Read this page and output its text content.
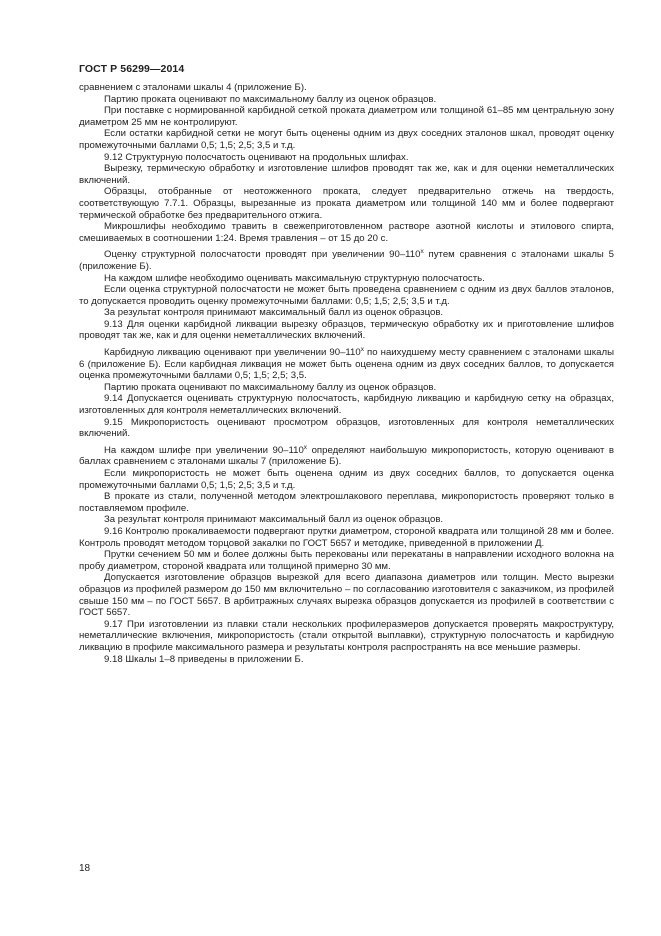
ГОСТ Р 56299—2014

сравнением с эталонами шкалы 4 (приложение Б).

Партию проката оценивают по максимальному баллу из оценок образцов.

При поставке с нормированной карбидной сеткой проката диаметром или толщиной 61–85 мм центральную зону диаметром 25 мм не контролируют.

Если остатки карбидной сетки не могут быть оценены одним из двух соседних эталонов шкал, проводят оценку промежуточными баллами 0,5; 1,5; 2,5; 3,5 и т.д.

9.12 Структурную полосчатость оценивают на продольных шлифах.

Вырезку, термическую обработку и изготовление шлифов проводят так же, как и для оценки неметаллических включений.

Образцы, отобранные от неотожженного проката, следует предварительно отжечь на твердость, соответствующую 7.7.1. Образцы, вырезанные из проката диаметром или толщиной 140 мм и более подвергают термической обработке без предварительного отжига.

Микрошлифы необходимо травить в свежеприготовленном растворе азотной кислоты и этилового спирта, смешиваемых в соотношении 1:24. Время травления – от 15 до 20 с.

Оценку структурной полосчатости проводят при увеличении $90-110^х$ путем сравнения с эталонами шкалы 5 (приложение Б).

На каждом шлифе необходимо оценивать максимальную структурную полосчатость.

Если оценка структурной полосчатости не может быть проведена сравнением с одним из двух баллов эталонов, то допускается проводить оценку промежуточными баллами: 0,5; 1,5; 2,5; 3,5 и т.д.

За результат контроля принимают максимальный балл из оценок образцов.

9.13 Для оценки карбидной ликвации вырезку образцов, термическую обработку их и приготовление шлифов проводят так же, как и для оценки неметаллических включений.

Карбидную ликвацию оценивают при увеличении $90-110^х$ по наихудшему месту сравнением с эталонами шкалы 6 (приложение Б). Если карбидная ликвация не может быть оценена одним из двух соседних баллов, то допускается оценка промежуточными баллами 0,5; 1,5; 2,5; 3,5.

Партию проката оценивают по максимальному баллу из оценок образцов.

9.14 Допускается оценивать структурную полосчатость, карбидную ликвацию и карбидную сетку на образцах, изготовленных для контроля неметаллических включений.

9.15 Микропористость оценивают просмотром образцов, изготовленных для контроля неметаллических включений.

На каждом шлифе при увеличении $90-110^х$ определяют наибольшую микропористость, которую оценивают в баллах сравнением с эталонами шкалы 7 (приложение Б).

Если микропористость не может быть оценена одним из двух соседних баллов, то допускается оценка промежуточными баллами 0,5; 1,5; 2,5; 3,5 и т.д.

В прокате из стали, полученной методом электрошлакового переплава, микропористость проверяют только в поставляемом профиле.

За результат контроля принимают максимальный балл из оценок образцов.

9.16 Контролю прокаливаемости подвергают прутки диаметром, стороной квадрата или толщиной 28 мм и более. Контроль проводят методом торцовой закалки по ГОСТ 5657 и методике, приведенной в приложении Д.

Прутки сечением 50 мм и более должны быть перекованы или перекатаны в направлении исходного волокна на пробу диаметром, стороной квадрата или толщиной примерно 30 мм.

Допускается изготовление образцов вырезкой для всего диапазона диаметров или толщин. Место вырезки образцов из профилей размером до 150 мм включительно – по согласованию изготовителя с заказчиком, из профилей свыше 150 мм – по ГОСТ 5657. В арбитражных случаях вырезка образцов допускается из профилей в соответствии с ГОСТ 5657.

9.17 При изготовлении из плавки стали нескольких профилеразмеров допускается проверять макроструктуру, неметаллические включения, микропористость (стали открытой выплавки), структурную полосчатость и карбидную ликвацию в профиле максимального размера и результаты контроля распространять на все меньшие размеры.

9.18 Шкалы 1–8 приведены в приложении Б.

18
